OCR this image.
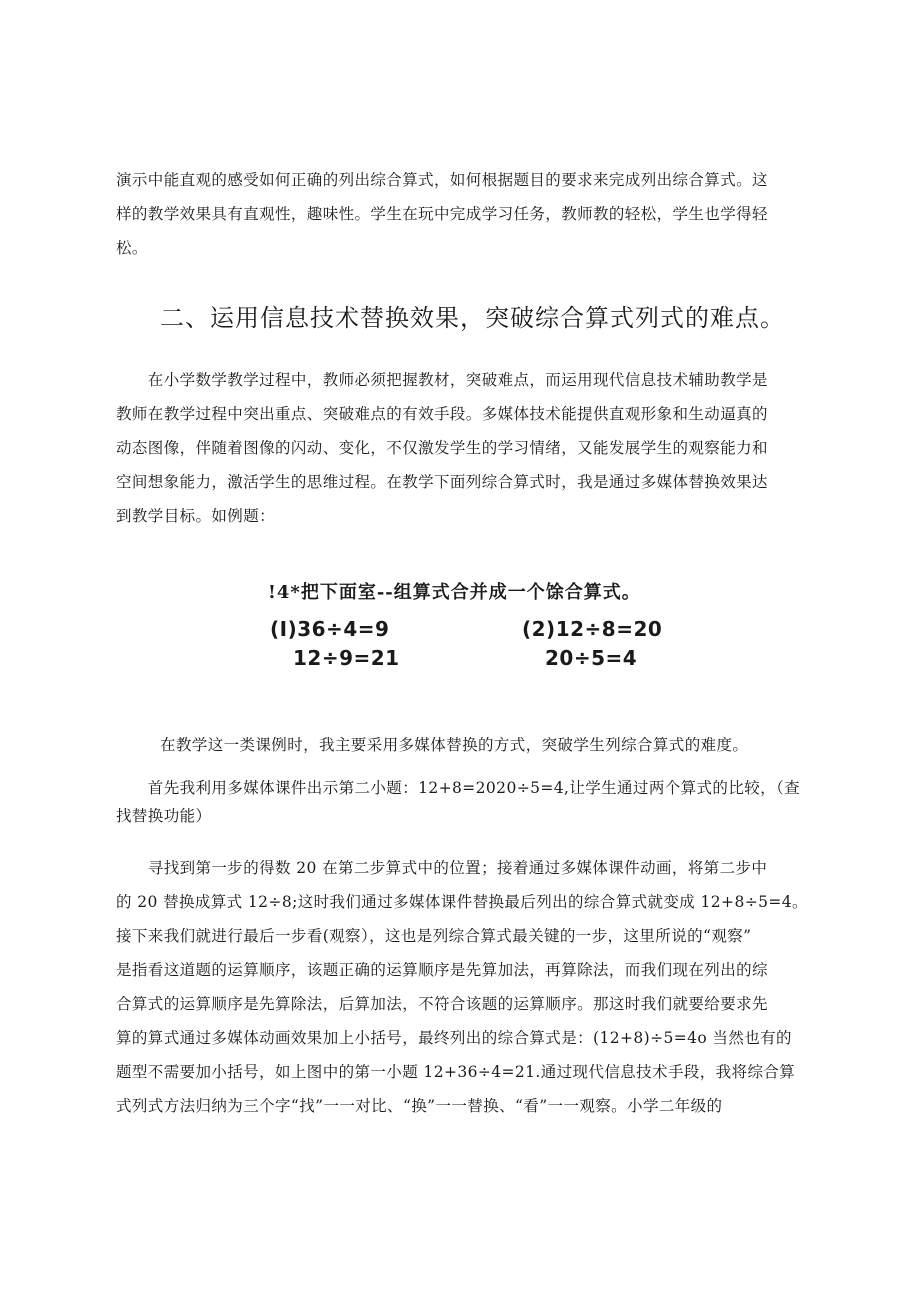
演示中能直观的感受如何正确的列出综合算式，如何根据题目的要求来完成列出综合算式。这
样的教学效果具有直观性，趣味性。学生在玩中完成学习任务，教师教的轻松，学生也学得轻
松。
二、运用信息技术替换效果，突破综合算式列式的难点。
　　在小学数学教学过程中，教师必须把握教材，突破难点，而运用现代信息技术辅助教学是
教师在教学过程中突出重点、突破难点的有效手段。多媒体技术能提供直观形象和生动逼真的
动态图像，伴随着图像的闪动、变化，不仅激发学生的学习情绪，又能发展学生的观察能力和
空间想象能力，激活学生的思维过程。在教学下面列综合算式时，我是通过多媒体替换效果达
到教学目标。如例题：
!4*把下面室--组算式合并成一个馀合算式。
(I)36÷4=9
12÷9=21
(2)12÷8=20
20÷5=4
在教学这一类课例时，我主要采用多媒体替换的方式，突破学生列综合算式的难度。
　　首先我利用多媒体课件出示第二小题：12+8=2020÷5=4,让学生通过两个算式的比较，（查
找替换功能）
　　寻找到第一步的得数 20 在第二步算式中的位置；接着通过多媒体课件动画，将第二步中
的 20 替换成算式 12÷8;这时我们通过多媒体课件替换最后列出的综合算式就变成 12+8÷5=4。
接下来我们就进行最后一步看(观察），这也是列综合算式最关键的一步，这里所说的“观察”
是指看这道题的运算顺序，该题正确的运算顺序是先算加法，再算除法，而我们现在列出的综
合算式的运算顺序是先算除法，后算加法，不符合该题的运算顺序。那这时我们就要给要求先
算的算式通过多媒体动画效果加上小括号，最终列出的综合算式是：(12+8)÷5=4o 当然也有的
题型不需要加小括号，如上图中的第一小题 12+36÷4=21.通过现代信息技术手段，我将综合算
式列式方法归纳为三个字“找”一一对比、“换”一一替换、“看”一一观察。小学二年级的
